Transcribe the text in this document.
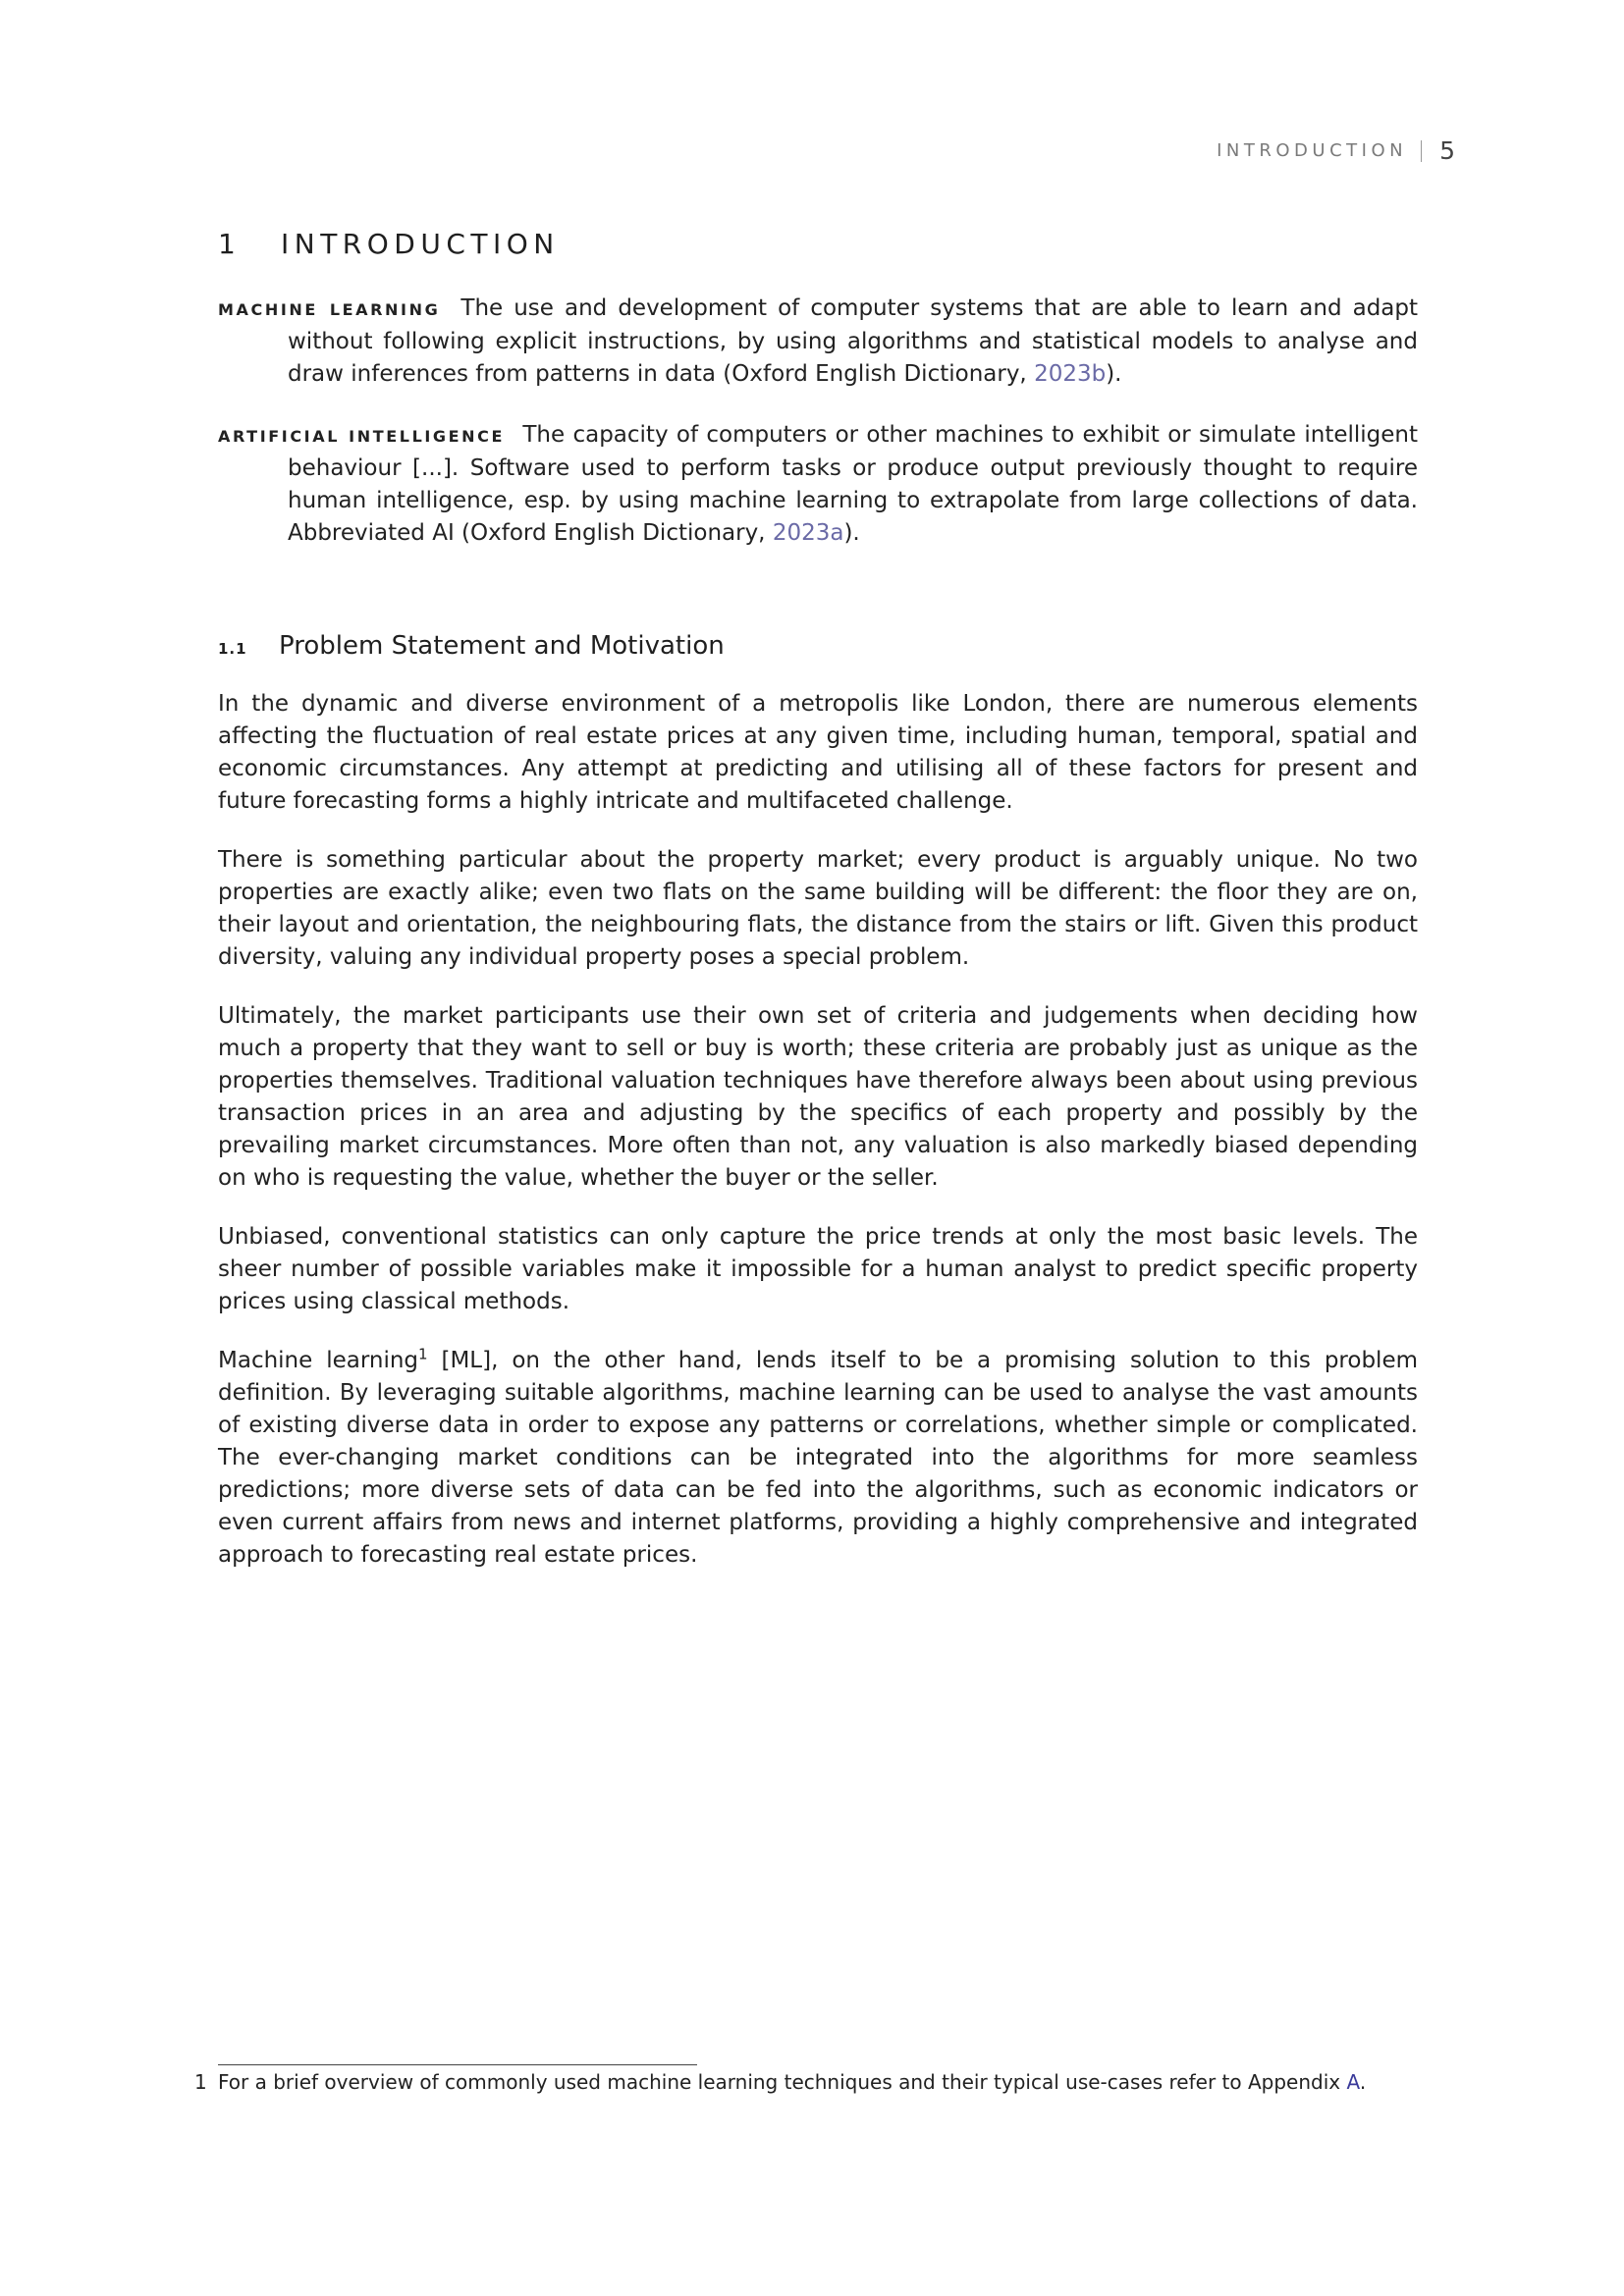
INTRODUCTION 5
1 INTRODUCTION
MACHINE LEARNING The use and development of computer systems that are able to learn and adapt without following explicit instructions, by using algorithms and statistical models to analyse and draw inferences from patterns in data (Oxford English Dictionary, 2023b).
ARTIFICIAL INTELLIGENCE The capacity of computers or other machines to exhibit or simulate intelligent behaviour [...]. Software used to perform tasks or produce output previously thought to require human intelligence, esp. by using machine learning to extrapolate from large collections of data. Abbreviated AI (Oxford English Dictionary, 2023a).
1.1 Problem Statement and Motivation

In the dynamic and diverse environment of a metropolis like London, there are numerous elements affecting the fluctuation of real estate prices at any given time, including human, temporal, spatial and economic circumstances. Any attempt at predicting and utilising all of these factors for present and future forecasting forms a highly intricate and multifaceted challenge.

There is something particular about the property market; every product is arguably unique. No two properties are exactly alike; even two flats on the same building will be different: the floor they are on, their layout and orientation, the neighbouring flats, the distance from the stairs or lift. Given this product diversity, valuing any individual property poses a special problem.

Ultimately, the market participants use their own set of criteria and judgements when deciding how much a property that they want to sell or buy is worth; these criteria are probably just as unique as the properties themselves. Traditional valuation techniques have therefore always been about using previous transaction prices in an area and adjusting by the specifics of each property and possibly by the prevailing market circumstances. More often than not, any valuation is also markedly biased depending on who is requesting the value, whether the buyer or the seller.

Unbiased, conventional statistics can only capture the price trends at only the most basic levels. The sheer number of possible variables make it impossible for a human analyst to predict specific property prices using classical methods.

Machine learning$^1$ [ML], on the other hand, lends itself to be a promising solution to this problem definition. By leveraging suitable algorithms, machine learning can be used to analyse the vast amounts of existing diverse data in order to expose any patterns or correlations, whether simple or complicated. The ever-changing market conditions can be integrated into the algorithms for more seamless predictions; more diverse sets of data can be fed into the algorithms, such as economic indicators or even current affairs from news and internet platforms, providing a highly comprehensive and integrated approach to forecasting real estate prices.

1 For a brief overview of commonly used machine learning techniques and their typical use-cases refer to Appendix A.
